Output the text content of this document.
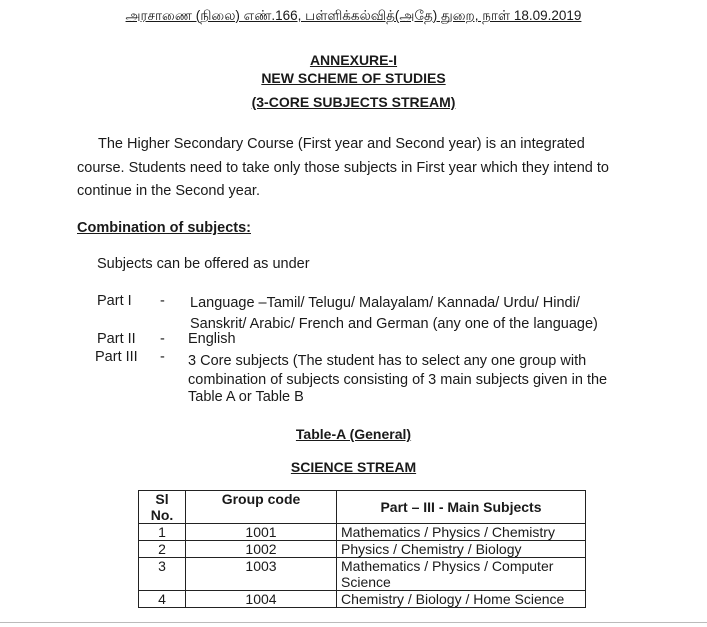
அரசாணை (நிலை) எண்.166, பள்ளிக்கல்வித்(அதே) துறை, நாள் 18.09.2019
ANNEXURE-I
NEW SCHEME OF STUDIES
(3-CORE SUBJECTS STREAM)
The Higher Secondary Course (First year and Second year) is an integrated
course. Students need to take only those subjects in First year which they intend to
continue in the Second year.
Combination of subjects:
Subjects can be offered as under
Part I - Language –Tamil/ Telugu/ Malayalam/ Kannada/ Urdu/ Hindi/
Sanskrit/ Arabic/ French and German (any one of the language)
Part II - English
Part III - 3 Core subjects (The student has to select any one group with
combination of subjects consisting of 3 main subjects given in the
Table A or Table B
Table-A (General)
SCIENCE STREAM
Sl
No.	Group code	Part – III - Main Subjects
1	1001	Mathematics / Physics / Chemistry
2	1002	Physics / Chemistry / Biology
3	1003	Mathematics / Physics / Computer
Science

4	1004	Chemistry / Biology / Home Science
